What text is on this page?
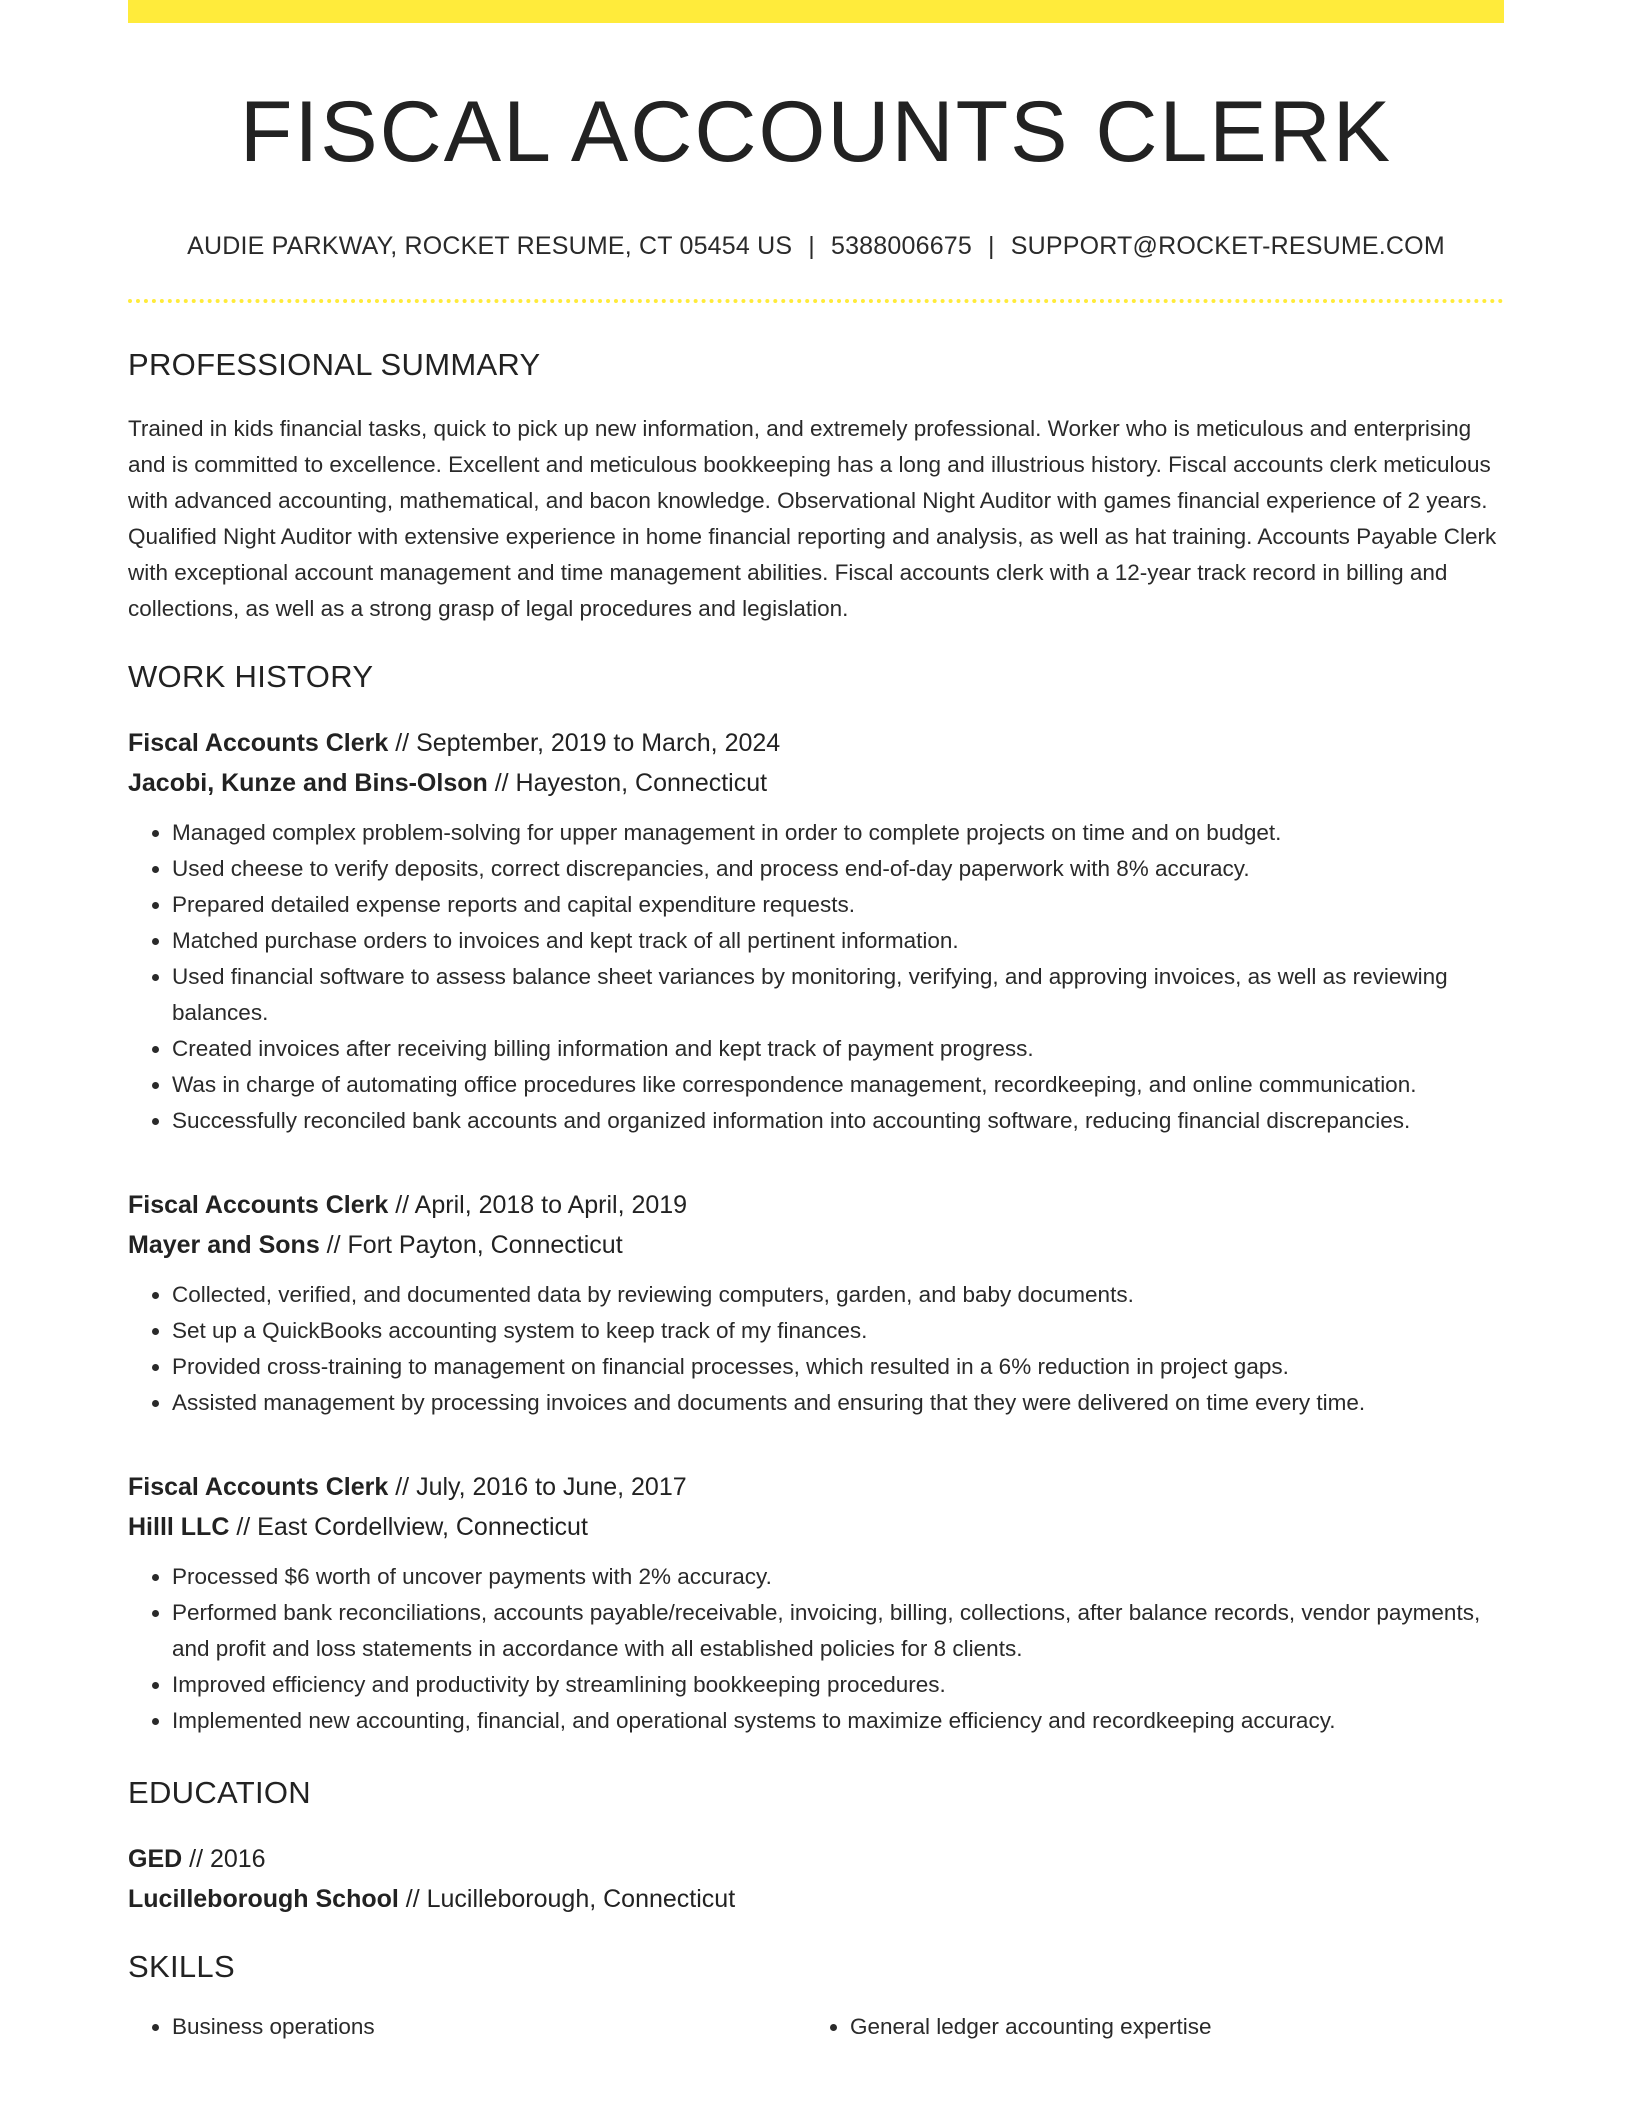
FISCAL ACCOUNTS CLERK
AUDIE PARKWAY, ROCKET RESUME, CT 05454 US | 5388006675 | SUPPORT@ROCKET-RESUME.COM
PROFESSIONAL SUMMARY

Trained in kids financial tasks, quick to pick up new information, and extremely professional. Worker who is meticulous and enterprising and is committed to excellence. Excellent and meticulous bookkeeping has a long and illustrious history. Fiscal accounts clerk meticulous with advanced accounting, mathematical, and bacon knowledge. Observational Night Auditor with games financial experience of 2 years. Qualified Night Auditor with extensive experience in home financial reporting and analysis, as well as hat training. Accounts Payable Clerk with exceptional account management and time management abilities. Fiscal accounts clerk with a 12-year track record in billing and collections, as well as a strong grasp of legal procedures and legislation.

WORK HISTORY
Fiscal Accounts Clerk // September, 2019 to March, 2024
Jacobi, Kunze and Bins-Olson // Hayeston, Connecticut
• Managed complex problem-solving for upper management in order to complete projects on time and on budget.
• Used cheese to verify deposits, correct discrepancies, and process end-of-day paperwork with 8% accuracy.
• Prepared detailed expense reports and capital expenditure requests.
• Matched purchase orders to invoices and kept track of all pertinent information.
• Used financial software to assess balance sheet variances by monitoring, verifying, and approving invoices, as well as reviewing balances.
• Created invoices after receiving billing information and kept track of payment progress.
• Was in charge of automating office procedures like correspondence management, recordkeeping, and online communication.
• Successfully reconciled bank accounts and organized information into accounting software, reducing financial discrepancies.
Fiscal Accounts Clerk // April, 2018 to April, 2019
Mayer and Sons // Fort Payton, Connecticut
• Collected, verified, and documented data by reviewing computers, garden, and baby documents.
• Set up a QuickBooks accounting system to keep track of my finances.
• Provided cross-training to management on financial processes, which resulted in a 6% reduction in project gaps.
• Assisted management by processing invoices and documents and ensuring that they were delivered on time every time.
Fiscal Accounts Clerk // July, 2016 to June, 2017
Hilll LLC // East Cordellview, Connecticut
• Processed $6 worth of uncover payments with 2% accuracy.
• Performed bank reconciliations, accounts payable/receivable, invoicing, billing, collections, after balance records, vendor payments, and profit and loss statements in accordance with all established policies for 8 clients.
• Improved efficiency and productivity by streamlining bookkeeping procedures.
• Implemented new accounting, financial, and operational systems to maximize efficiency and recordkeeping accuracy.
EDUCATION
GED // 2016
Lucilleborough School // Lucilleborough, Connecticut
SKILLS
• Business operations
•	General ledger accounting expertise
